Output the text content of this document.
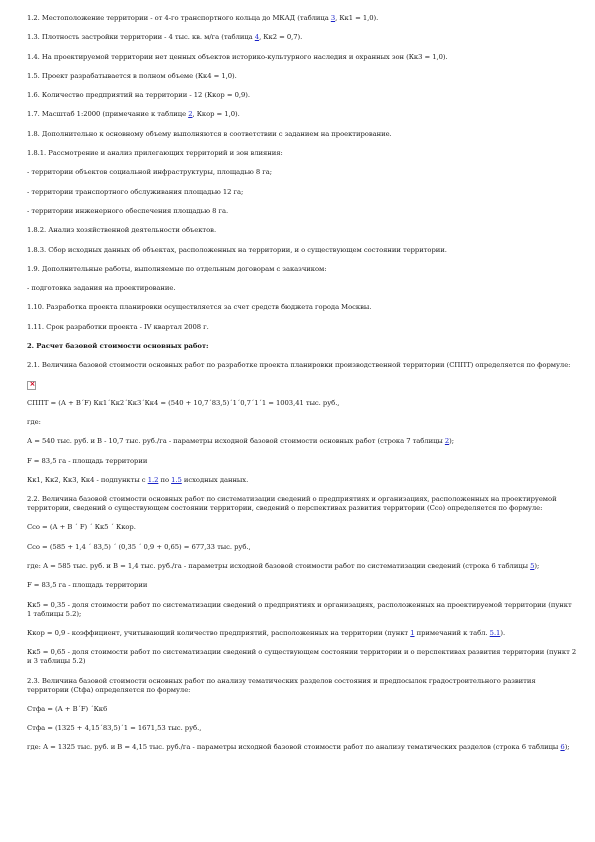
1.2. Местоположение территории - от 4-го транспортного кольца до МКАД (таблица 3, Кк1 = 1,0).

1.3. Плотность застройки территории - 4 тыс. кв. м/га (таблица 4, Кк2 = 0,7).

1.4. На проектируемой территории нет ценных объектов историко-культурного наследия и охранных зон (Кк3 = 1,0).

1.5. Проект разрабатывается в полном объеме (Кк4 = 1,0).

1.6. Количество предприятий на территории - 12 (Ккор = 0,9).

1.7. Масштаб 1:2000 (примечание к таблице 2, Ккор = 1,0).

1.8. Дополнительно к основному объему выполняются в соответствии с заданием на проектирование.

1.8.1. Рассмотрение и анализ прилегающих территорий и зон влияния:

- территории объектов социальной инфраструктуры, площадью 8 га;

- территории транспортного обслуживания площадью 12 га;

- территории инженерного обеспечения площадью 8 га.

1.8.2. Анализ хозяйственной деятельности объектов.

1.8.3. Сбор исходных данных об объектах, расположенных на территории, и о существующем состоянии территории.

1.9. Дополнительные работы, выполняемые по отдельным договорам с заказчиком:

- подготовка задания на проектирование.

1.10. Разработка проекта планировки осуществляется за счет средств бюджета города Москвы.

1.11. Срок разработки проекта - IV квартал 2008 г.

2. Расчет базовой стоимости основных работ:

2.1. Величина базовой стоимости основных работ по разработке проекта планировки производственной территории (СППТ) определяется по формуле:

×

СППТ = (А + В´F) Кк1´Кк2´Кк3´Кк4 = (540 + 10,7´83,5)´1´0,7´1´1 = 1003,41 тыс. руб.,

где:

А = 540 тыс. руб. и В - 10,7 тыс. руб./га - параметры исходной базовой стоимости основных работ (строка 7 таблицы 2);

F = 83,5 га - площадь территории

Кк1, Кк2, Кк3, Кк4 - подпункты с 1.2 по 1.5 исходных данных.

2.2. Величина базовой стоимости основных работ по систематизации сведений о предприятиях и организациях, расположенных на проектируемой территории, сведений о существующем состоянии территории, сведений о перспективах развития территории (Ссо) определяется по формуле:

Ссо = (А + В ´ F) ´ Кк5 ´ Ккор.

Ссо = (585 + 1,4 ´ 83,5) ´ (0,35 ´ 0,9 + 0,65) = 677,33 тыс. руб.,

где: А = 585 тыс. руб. и В = 1,4 тыс. руб./га - параметры исходной базовой стоимости работ по систематизации сведений (строка 6 таблицы 5);

F = 83,5 га - площадь территории

Кк5 = 0,35 - доля стоимости работ по систематизации сведений о предприятиях и организациях, расположенных на проектируемой территории (пункт 1 таблицы 5.2);

Ккор = 0,9 - коэффициент, учитывающий количество предприятий, расположенных на территории (пункт 1 примечаний к табл. 5.1).

Кк5 = 0,65 - доля стоимости работ по систематизации сведений о существующем состоянии территории и о перспективах развития территории (пункт 2 и 3 таблицы 5.2)

2.3. Величина базовой стоимости основных работ по анализу тематических разделов состояния и предпосылок градостроительного развития территории (Сtфа) определяется по формуле:

Стфа = (А + В´F) ´Кк6

Стфа = (1325 + 4,15´83,5)´1 = 1671,53 тыс. руб.,

где: А = 1325 тыс. руб. и В = 4,15 тыс. руб./га - параметры исходной базовой стоимости работ по анализу тематических разделов (строка 6 таблицы 6);
